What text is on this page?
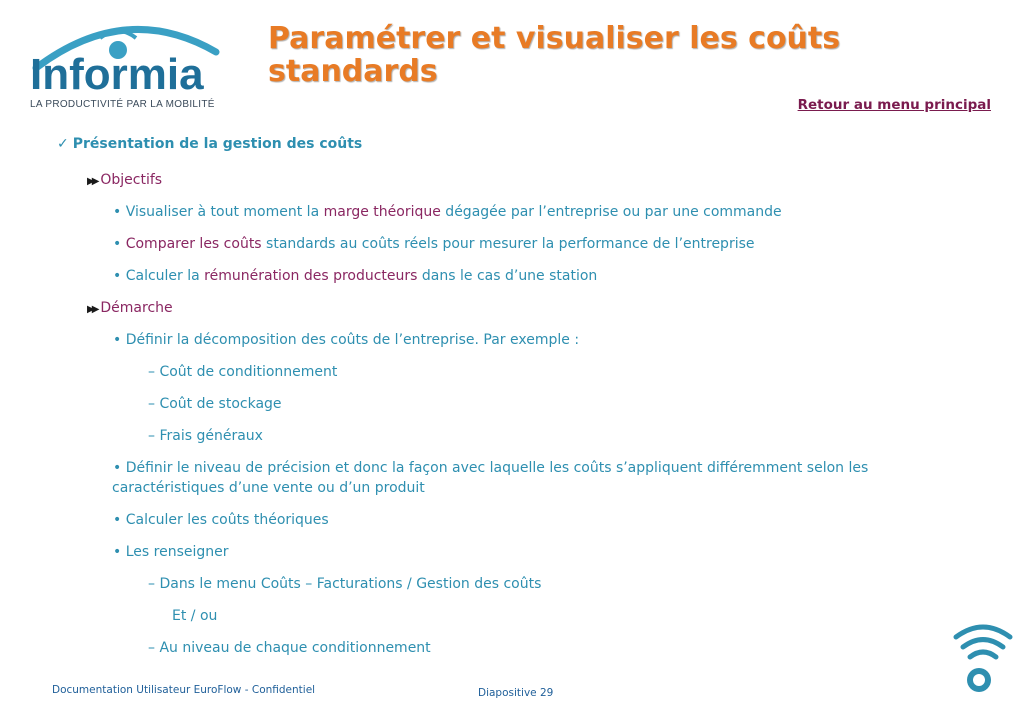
Informia
LA PRODUCTIVITÉ PAR LA MOBILITÉ
Paramétrer et visualiser les coûts
standards
Retour au menu principal
✓ Présentation de la gestion des coûts
▶▶ Objectifs
• Visualiser à tout moment la marge théorique dégagée par l’entreprise ou par une commande
• Comparer les coûts standards au coûts réels pour mesurer la performance de l’entreprise
• Calculer la rémunération des producteurs dans le cas d’une station
▶▶ Démarche
• Définir la décomposition des coûts de l’entreprise. Par exemple :
– Coût de conditionnement
– Coût de stockage
– Frais généraux
• Définir le niveau de précision et donc la façon avec laquelle les coûts s’appliquent différemment selon les
caractéristiques d’une vente ou d’un produit
• Calculer les coûts théoriques
• Les renseigner
– Dans le menu Coûts – Facturations / Gestion des coûts
Et / ou
– Au niveau de chaque conditionnement
Documentation Utilisateur EuroFlow - Confidentiel	Diapositive 29
